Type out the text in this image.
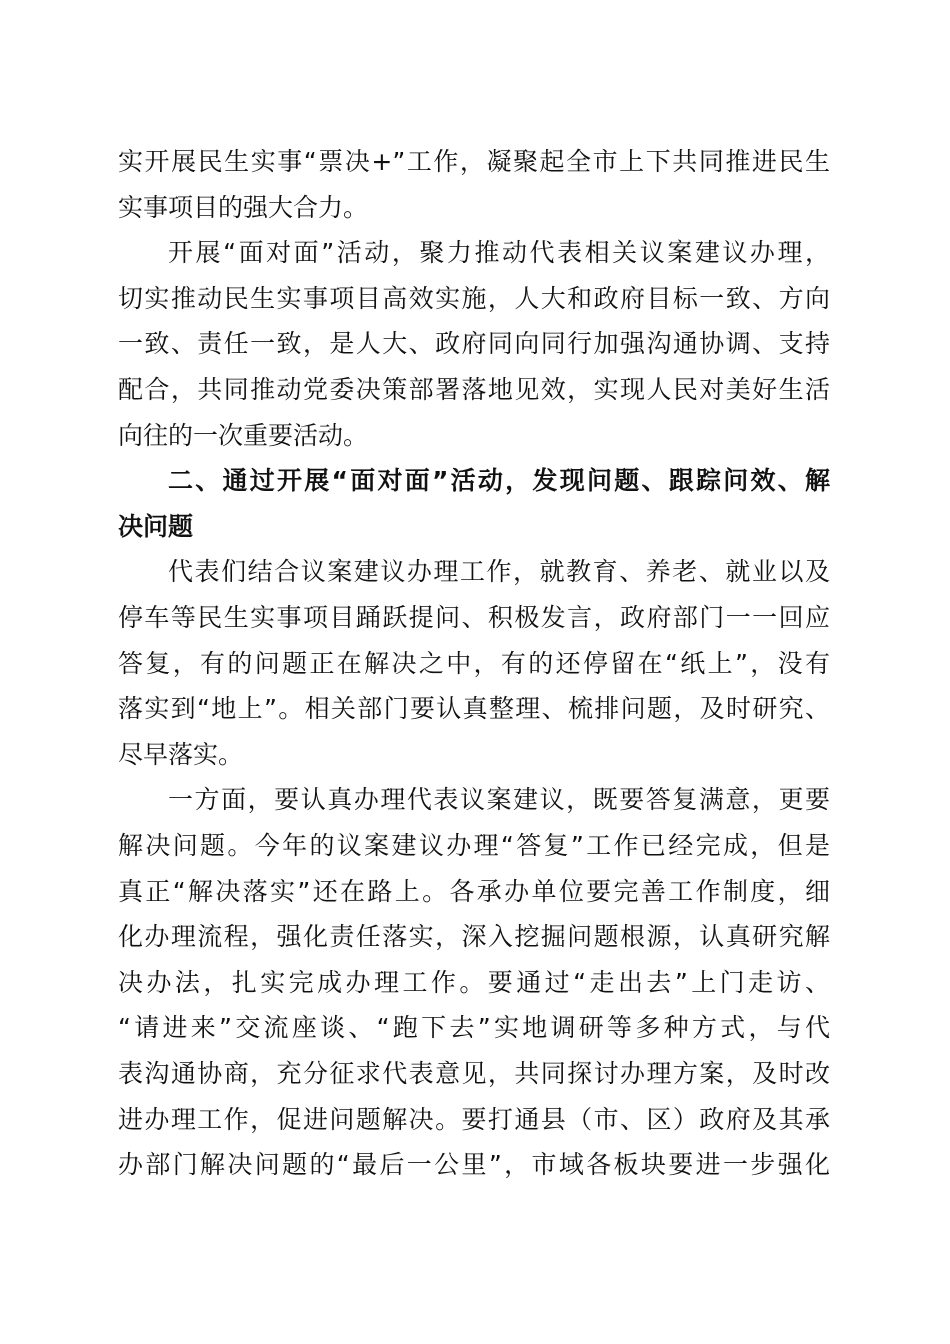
实开展民生实事“票决+”工作，凝聚起全市上下共同推进民生
实事项目的强大合力。
开展“面对面”活动，聚力推动代表相关议案建议办理，
切实推动民生实事项目高效实施，人大和政府目标一致、方向
一致、责任一致，是人大、政府同向同行加强沟通协调、支持
配合，共同推动党委决策部署落地见效，实现人民对美好生活
向往的一次重要活动。
二、通过开展“面对面”活动，发现问题、跟踪问效、解
决问题
代表们结合议案建议办理工作，就教育、养老、就业以及
停车等民生实事项目踊跃提问、积极发言，政府部门一一回应
答复，有的问题正在解决之中，有的还停留在“纸上”，没有
落实到“地上”。相关部门要认真整理、梳排问题，及时研究、
尽早落实。
一方面，要认真办理代表议案建议，既要答复满意，更要
解决问题。今年的议案建议办理“答复”工作已经完成，但是
真正“解决落实”还在路上。各承办单位要完善工作制度，细
化办理流程，强化责任落实，深入挖掘问题根源，认真研究解
决办法，扎实完成办理工作。要通过“走出去”上门走访、
“请进来”交流座谈、“跑下去”实地调研等多种方式，与代
表沟通协商，充分征求代表意见，共同探讨办理方案，及时改
进办理工作，促进问题解决。要打通县（市、区）政府及其承
办部门解决问题的“最后一公里”，市域各板块要进一步强化
